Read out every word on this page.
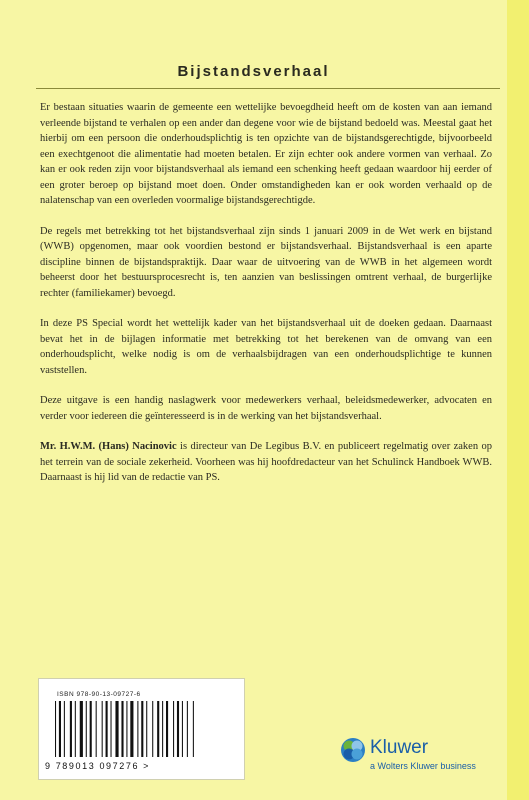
Bijstandsverhaal

Er bestaan situaties waarin de gemeente een wettelijke bevoegdheid heeft om de kosten van aan iemand verleende bijstand te verhalen op een ander dan degene voor wie de bijstand bedoeld was. Meestal gaat het hierbij om een persoon die onderhoudsplichtig is ten opzichte van de bijstandsgerechtigde, bijvoorbeeld een exechtgenoot die alimentatie had moeten betalen. Er zijn echter ook andere vormen van verhaal. Zo kan er ook reden zijn voor bijstandsverhaal als iemand een schenking heeft gedaan waardoor hij eerder of een groter beroep op bijstand moet doen. Onder omstandigheden kan er ook worden verhaald op de nalatenschap van een overleden voormalige bijstandsgerechtigde.

De regels met betrekking tot het bijstandsverhaal zijn sinds 1 januari 2009 in de Wet werk en bijstand (WWB) opgenomen, maar ook voordien bestond er bijstandsverhaal. Bijstandsverhaal is een aparte discipline binnen de bijstandspraktijk. Daar waar de uitvoering van de WWB in het algemeen wordt beheerst door het bestuursprocesrecht is, ten aanzien van beslissingen omtrent verhaal, de burgerlijke rechter (familiekamer) bevoegd.

In deze PS Special wordt het wettelijk kader van het bijstandsverhaal uit de doeken gedaan. Daarnaast bevat het in de bijlagen informatie met betrekking tot het berekenen van de omvang van een onderhoudsplicht, welke nodig is om de verhaalsbijdragen van een onderhoudsplichtige te kunnen vaststellen.

Deze uitgave is een handig naslagwerk voor medewerkers verhaal, beleidsmedewerker, advocaten en verder voor iedereen die geïnteresseerd is in de werking van het bijstandsverhaal.

Mr. H.W.M. (Hans) Nacinovic is directeur van De Legibus B.V. en publiceert regelmatig over zaken op het terrein van de sociale zekerheid. Voorheen was hij hoofdredacteur van het Schulinck Handboek WWB. Daarnaast is hij lid van de redactie van PS.

ISBN 978-90-13-09727-6
9 789013 097276 >
Kluwer
a Wolters Kluwer business
